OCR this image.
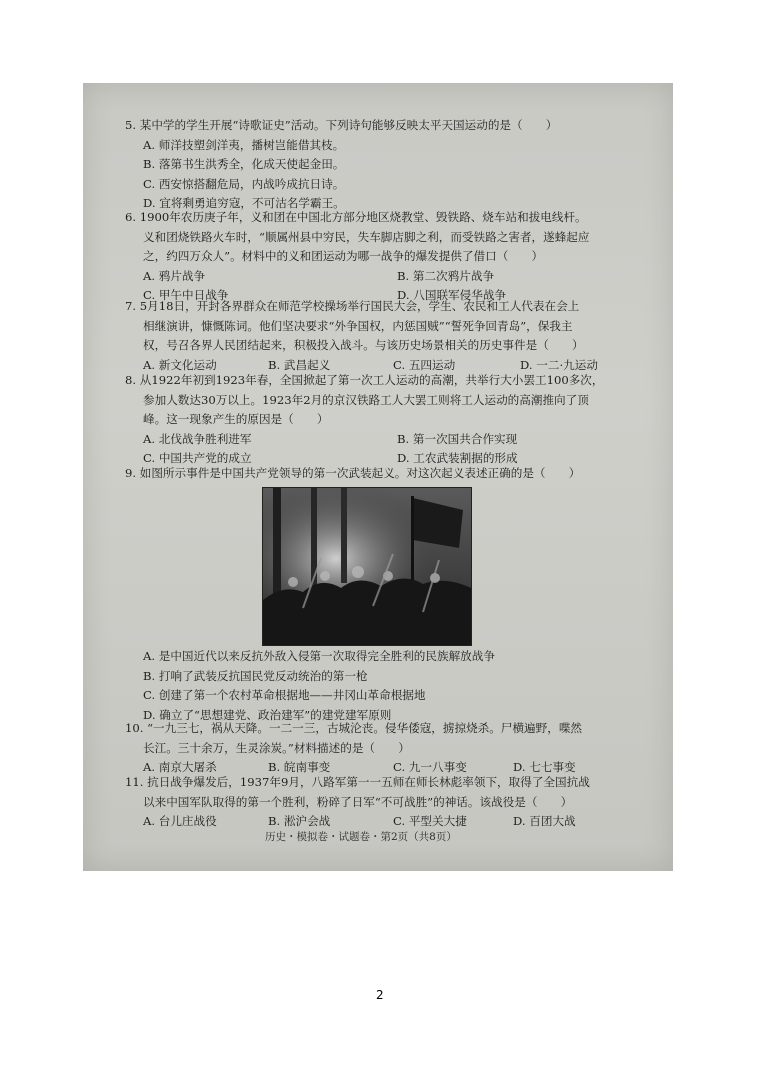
5. 某中学的学生开展“诗歌证史”活动。下列诗句能够反映太平天国运动的是（　　）
A. 师洋技塑剑洋夷，播树岂能借其枝。
B. 落第书生洪秀全，化成天使起金田。
C. 西安惊搭翻危局，内战吟成抗日诗。
D. 宜将剩勇追穷寇，不可沽名学霸王。
6. 1900年农历庚子年，义和团在中国北方部分地区烧教堂、毁铁路、烧车站和拔电线杆。
义和团烧铁路火车时，“顺属州县中穷民，失车脚店脚之利，而受铁路之害者，遂蜂起应
之，约四万众人”。材料中的义和团运动为哪一战争的爆发提供了借口（　　）
A. 鸦片战争	B. 第二次鸦片战争
C. 甲午中日战争	D. 八国联军侵华战争
7. 5月18日，开封各界群众在师范学校操场举行国民大会，学生、农民和工人代表在会上
相继演讲，慷慨陈词。他们坚决要求“外争国权，内惩国贼”“誓死争回青岛”，保我主
权，号召各界人民团结起来，积极投入战斗。与该历史场景相关的历史事件是（　　）
A. 新文化运动	B. 武昌起义	C. 五四运动	D. 一二·九运动
8. 从1922年初到1923年春，全国掀起了第一次工人运动的高潮，共举行大小罢工100多次，
参加人数达30万以上。1923年2月的京汉铁路工人大罢工则将工人运动的高潮推向了顶
峰。这一现象产生的原因是（　　）
A. 北伐战争胜利进军	B. 第一次国共合作实现
C. 中国共产党的成立	D. 工农武装割据的形成
9. 如图所示事件是中国共产党领导的第一次武装起义。对这次起义表述正确的是（　　）
A. 是中国近代以来反抗外敌入侵第一次取得完全胜利的民族解放战争
B. 打响了武装反抗国民党反动统治的第一枪
C. 创建了第一个农村革命根据地——井冈山革命根据地
D. 确立了“思想建党、政治建军”的建党建军原则
10. “一九三七，祸从天降。一二一三，古城沦丧。侵华倭寇，掳掠烧杀。尸横遍野，喋然
长江。三十余万，生灵涂炭。”材料描述的是（　　）
A. 南京大屠杀	B. 皖南事变	C. 九一八事变	D. 七七事变
11. 抗日战争爆发后，1937年9月，八路军第一一五师在师长林彪率领下，取得了全国抗战
以来中国军队取得的第一个胜利，粉碎了日军“不可战胜”的神话。该战役是（　　）
A. 台儿庄战役	B. 淞沪会战	C. 平型关大捷	D. 百团大战
历史・模拟卷・试题卷・第2页（共8页）
2
